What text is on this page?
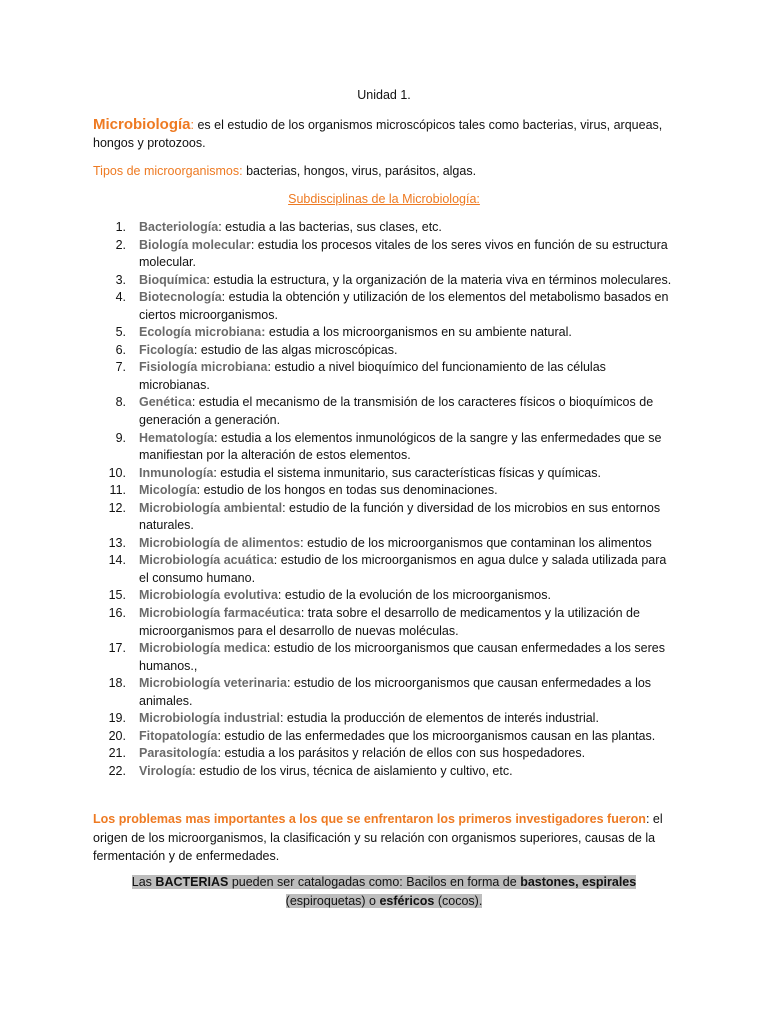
Unidad 1.
Microbiología: es el estudio de los organismos microscópicos tales como bacterias, virus, arqueas, hongos y protozoos.
Tipos de microorganismos: bacterias, hongos, virus, parásitos, algas.
Subdisciplinas de la Microbiología:
1. Bacteriología: estudia a las bacterias, sus clases, etc.
2. Biología molecular: estudia los procesos vitales de los seres vivos en función de su estructura molecular.
3. Bioquímica: estudia la estructura, y la organización de la materia viva en términos moleculares.
4. Biotecnología: estudia la obtención y utilización de los elementos del metabolismo basados en ciertos microorganismos.
5. Ecología microbiana: estudia a los microorganismos en su ambiente natural.
6. Ficología: estudio de las algas microscópicas.
7. Fisiología microbiana: estudio a nivel bioquímico del funcionamiento de las células microbianas.
8. Genética: estudia el mecanismo de la transmisión de los caracteres físicos o bioquímicos de generación a generación.
9. Hematología: estudia a los elementos inmunológicos de la sangre y las enfermedades que se manifiestan por la alteración de estos elementos.
10. Inmunología: estudia el sistema inmunitario, sus características físicas y químicas.
11. Micología: estudio de los hongos en todas sus denominaciones.
12. Microbiología ambiental: estudio de la función y diversidad de los microbios en sus entornos naturales.
13. Microbiología de alimentos: estudio de los microorganismos que contaminan los alimentos
14. Microbiología acuática: estudio de los microorganismos en agua dulce y salada utilizada para el consumo humano.
15. Microbiología evolutiva: estudio de la evolución de los microorganismos.
16. Microbiología farmacéutica: trata sobre el desarrollo de medicamentos y la utilización de microorganismos para el desarrollo de nuevas moléculas.
17. Microbiología medica: estudio de los microorganismos que causan enfermedades a los seres humanos.,
18. Microbiología veterinaria: estudio de los microorganismos que causan enfermedades a los animales.
19. Microbiología industrial: estudia la producción de elementos de interés industrial.
20. Fitopatología: estudio de las enfermedades que los microorganismos causan en las plantas.
21. Parasitología: estudia a los parásitos y relación de ellos con sus hospedadores.
22. Virología: estudio de los virus, técnica de aislamiento y cultivo, etc.
Los problemas mas importantes a los que se enfrentaron los primeros investigadores fueron: el origen de los microorganismos, la clasificación y su relación con organismos superiores, causas de la fermentación y de enfermedades.
Las BACTERIAS pueden ser catalogadas como: Bacilos en forma de bastones, espirales
(espiroquetas) o esféricos (cocos).
